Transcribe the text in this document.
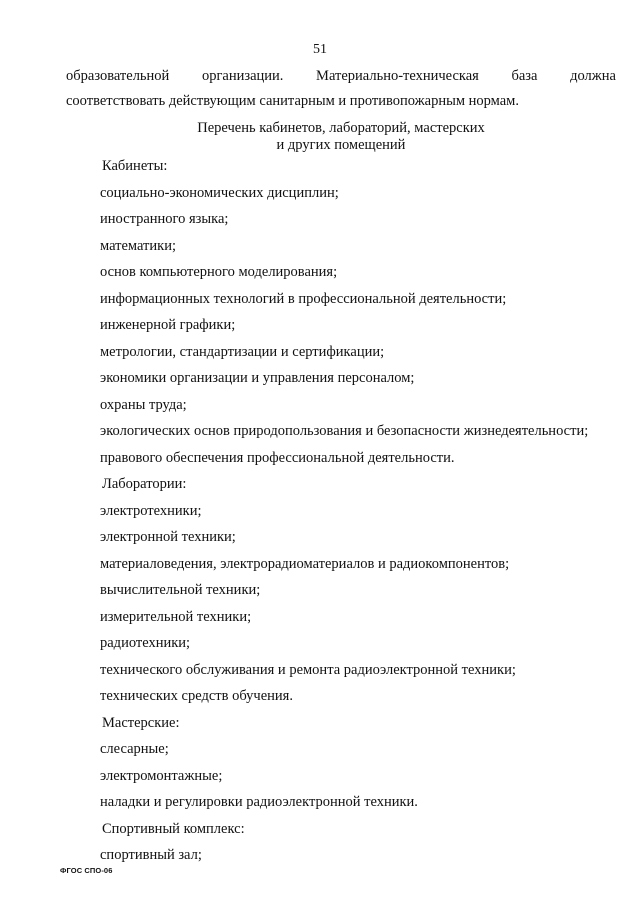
51
образовательной организации. Материально-техническая база должна
соответствовать действующим санитарным и противопожарным нормам.
Перечень кабинетов, лабораторий, мастерских
и других помещений
Кабинеты:
социально-экономических дисциплин;
иностранного языка;
математики;
основ компьютерного моделирования;
информационных технологий в профессиональной деятельности;
инженерной графики;
метрологии, стандартизации и сертификации;
экономики организации и управления персоналом;
охраны труда;
экологических основ природопользования и безопасности жизнедеятельности;
правового обеспечения профессиональной деятельности.
Лаборатории:
электротехники;
электронной техники;
материаловедения, электрорадиоматериалов и радиокомпонентов;
вычислительной техники;
измерительной техники;
радиотехники;
технического обслуживания и ремонта радиоэлектронной техники;
технических средств обучения.
Мастерские:
слесарные;
электромонтажные;
наладки и регулировки радиоэлектронной техники.
Спортивный комплекс:
спортивный зал;
ФГОС СПО-06
